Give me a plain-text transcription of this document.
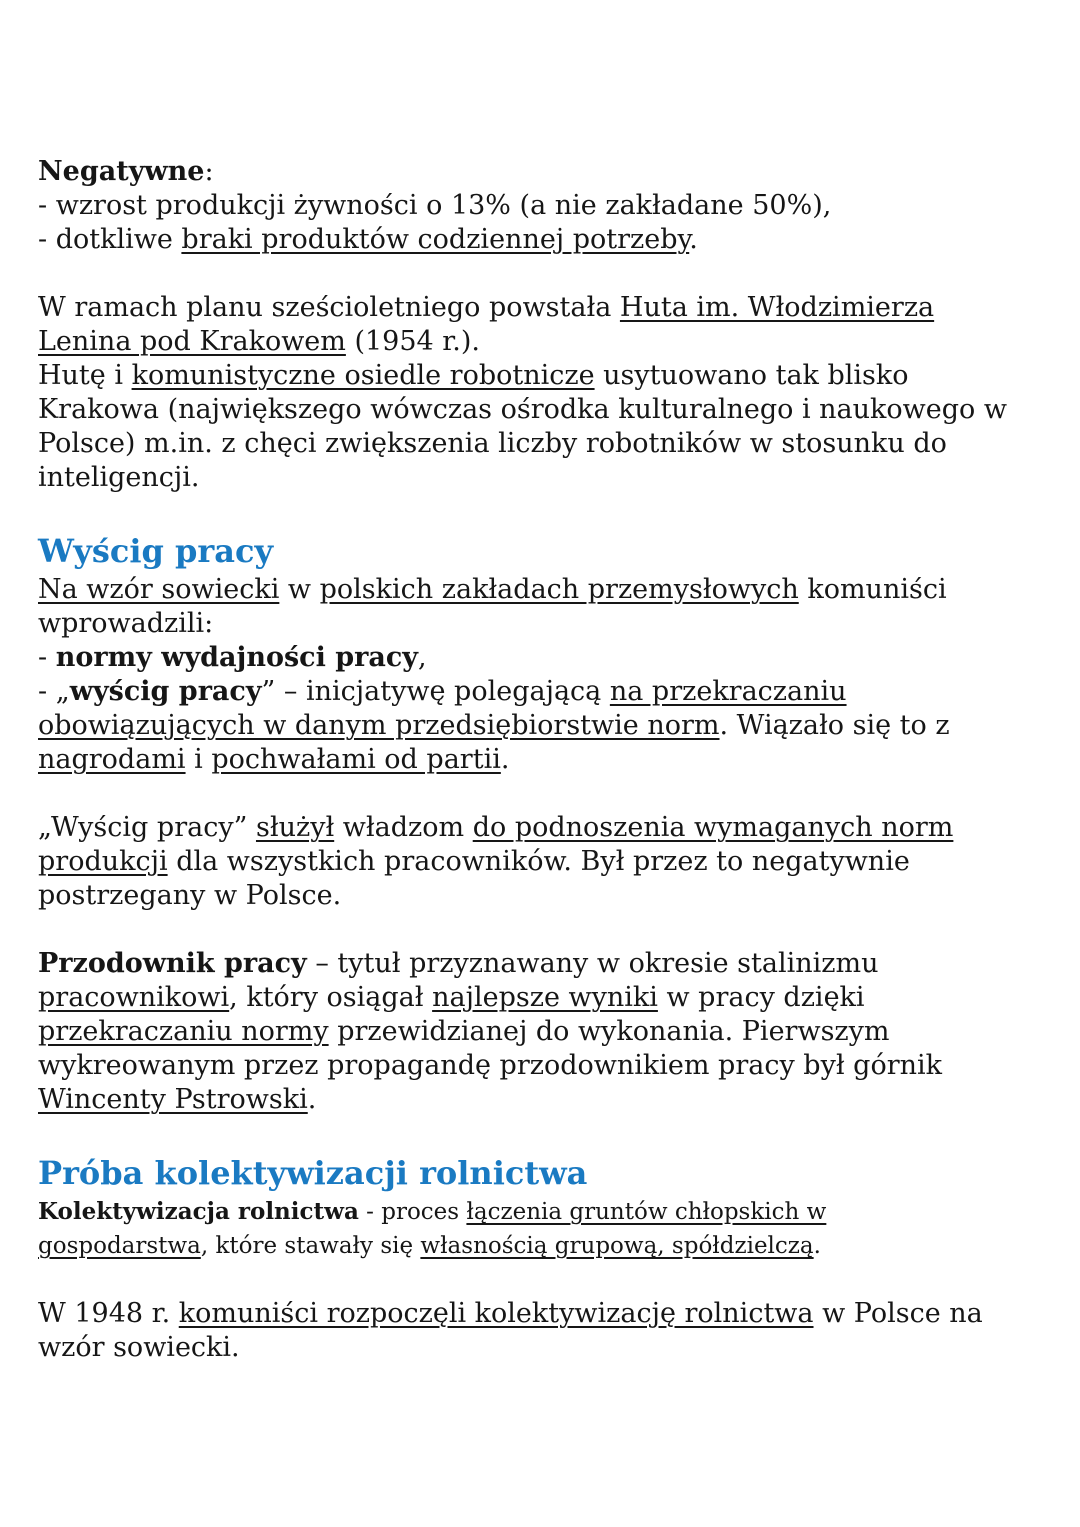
Negatywne:
- wzrost produkcji żywności o 13% (a nie zakładane 50%),
- dotkliwe braki produktów codziennej potrzeby.
W ramach planu sześcioletniego powstała Huta im. Włodzimierza
Lenina pod Krakowem (1954 r.).
Hutę i komunistyczne osiedle robotnicze usytuowano tak blisko
Krakowa (największego wówczas ośrodka kulturalnego i naukowego w
Polsce) m.in. z chęci zwiększenia liczby robotników w stosunku do
inteligencji.
Wyścig pracy
Na wzór sowiecki w polskich zakładach przemysłowych komuniści
wprowadzili:
- normy wydajności pracy,
- „wyścig pracy” – inicjatywę polegającą na przekraczaniu
obowiązujących w danym przedsiębiorstwie norm. Wiązało się to z
nagrodami i pochwałami od partii.
„Wyścig pracy” służył władzom do podnoszenia wymaganych norm
produkcji dla wszystkich pracowników. Był przez to negatywnie
postrzegany w Polsce.
Przodownik pracy – tytuł przyznawany w okresie stalinizmu
pracownikowi, który osiągał najlepsze wyniki w pracy dzięki
przekraczaniu normy przewidzianej do wykonania. Pierwszym
wykreowanym przez propagandę przodownikiem pracy był górnik
Wincenty Pstrowski.
Próba kolektywizacji rolnictwa
Kolektywizacja rolnictwa - proces łączenia gruntów chłopskich w
gospodarstwa, które stawały się własnością grupową, spółdzielczą.
W 1948 r. komuniści rozpoczęli kolektywizację rolnictwa w Polsce na
wzór sowiecki.
